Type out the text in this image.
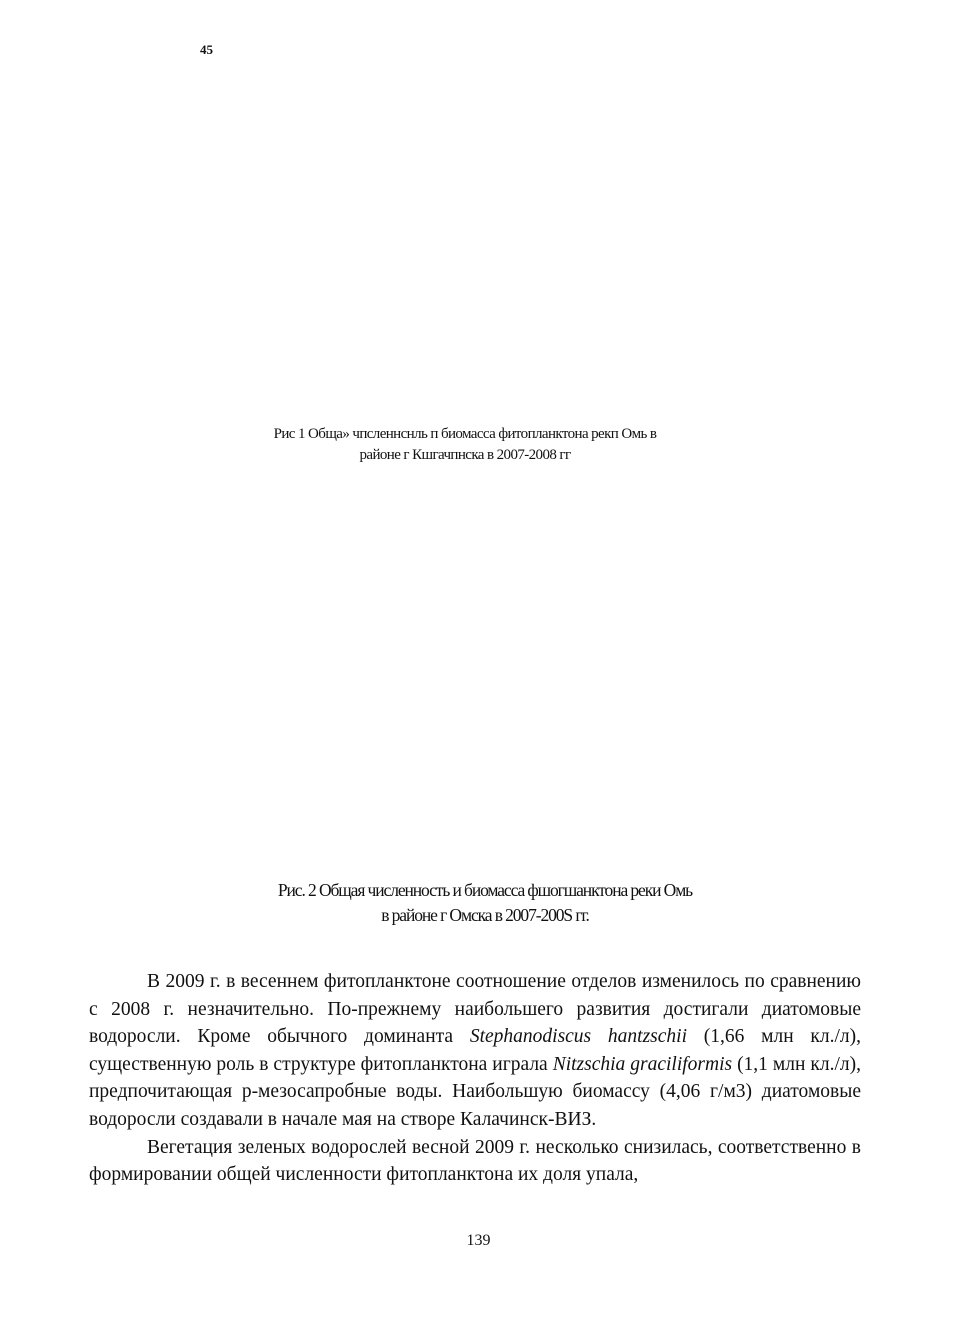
45
Рис 1 Обща» чпсленнснль п биомасса фитопланктона рекп Омь в
районе г Кшгачпнска в 2007-2008 гг
Рис. 2 Общая численность и биомасса фшогшанктона реки Омь
в районе г Омска в 2007-200S гг.

В 2009 г. в весеннем фитопланктоне соотношение отделов изменилось по сравнению с 2008 г. незначительно. По-прежнему наибольшего развития достигали диатомовые водоросли. Кроме обычного доминанта Stephanodiscus hantzschii (1,66 млн кл./л), существенную роль в структуре фитопланктона играла Nitzschia graciliformis (1,1 млн кл./л), предпочитающая р-мезосапробные воды. Наибольшую биомассу (4,06 г/м3) диатомовые водоросли создавали в начале мая на створе Калачинск-ВИЗ.

Вегетация зеленых водорослей весной 2009 г. несколько снизилась, соответственно в формировании общей численности фитопланктона их доля упала,

139
